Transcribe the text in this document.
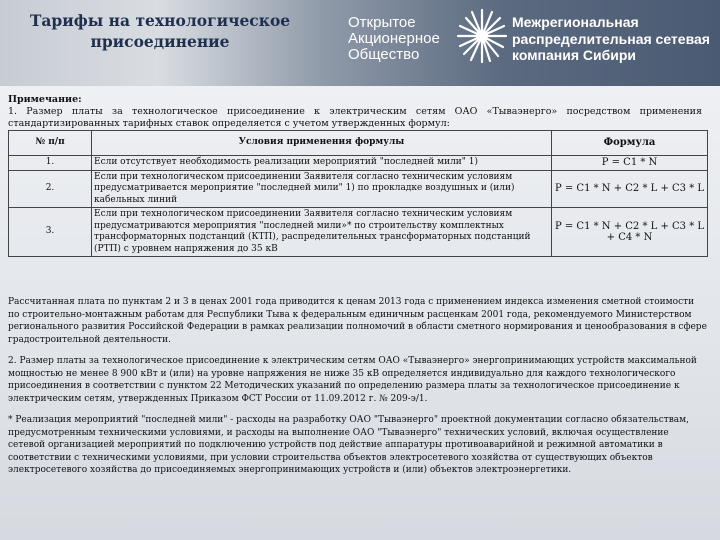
Тарифы на технологическое
присоединение
Открытое
Акционерное
Общество
Межрегиональная
распределительная сетевая
компания Сибири
Примечание:
1. Размер платы за технологическое присоединение к электрическим сетям ОАО «Тываэнерго» посредством применения стандартизированных тарифных ставок определяется с учетом утвержденных формул:
№ п/п	Условия применения формулы	Формула
1.	Если отсутствует необходимость реализации мероприятий "последней мили" 1)	P = C1 * N
2.	Если при технологическом присоединении Заявителя согласно техническим условиям предусматривается мероприятие "последней мили" 1) по прокладке воздушных и (или) кабельных линий	P = C1 * N + C2 * L + C3 * L
3.	Если при технологическом присоединении Заявителя согласно техническим условиям предусматриваются мероприятия "последней мили»* по строительству комплектных трансформаторных подстанций (КТП), распределительных трансформаторных подстанций (РТП) с уровнем напряжения до 35 кВ	P = C1 * N + C2 * L + C3 * L + C4 * N

Рассчитанная плата по пунктам 2 и 3 в ценах 2001 года приводится к ценам 2013 года с применением индекса изменения сметной стоимости по строительно-монтажным работам для Республики Тыва к федеральным единичным расценкам 2001 года, рекомендуемого Министерством регионального развития Российской Федерации в рамках реализации полномочий в области сметного нормирования и ценообразования в сфере градостроительной деятельности.

2. Размер платы за технологическое присоединение к электрическим сетям ОАО «Тываэнерго» энергопринимающих устройств максимальной мощностью не менее 8 900 кВт и (или) на уровне напряжения не ниже 35 кВ определяется индивидуально для каждого технологического присоединения в соответствии с пунктом 22 Методических указаний по определению размера платы за технологическое присоединение к электрическим сетям, утвержденных Приказом ФСТ России от 11.09.2012 г. № 209-э/1.

* Реализация мероприятий "последней мили" - расходы на разработку ОАО "Тываэнерго" проектной документации согласно обязательствам, предусмотренным техническими условиями, и расходы на выполнение ОАО "Тываэнерго" технических условий, включая осуществление сетевой организацией мероприятий по подключению устройств под действие аппаратуры противоаварийной и режимной автоматики в соответствии с техническими условиями, при условии строительства объектов электросетевого хозяйства от существующих объектов электросетевого хозяйства до присоединяемых энергопринимающих устройств и (или) объектов электроэнергетики.
